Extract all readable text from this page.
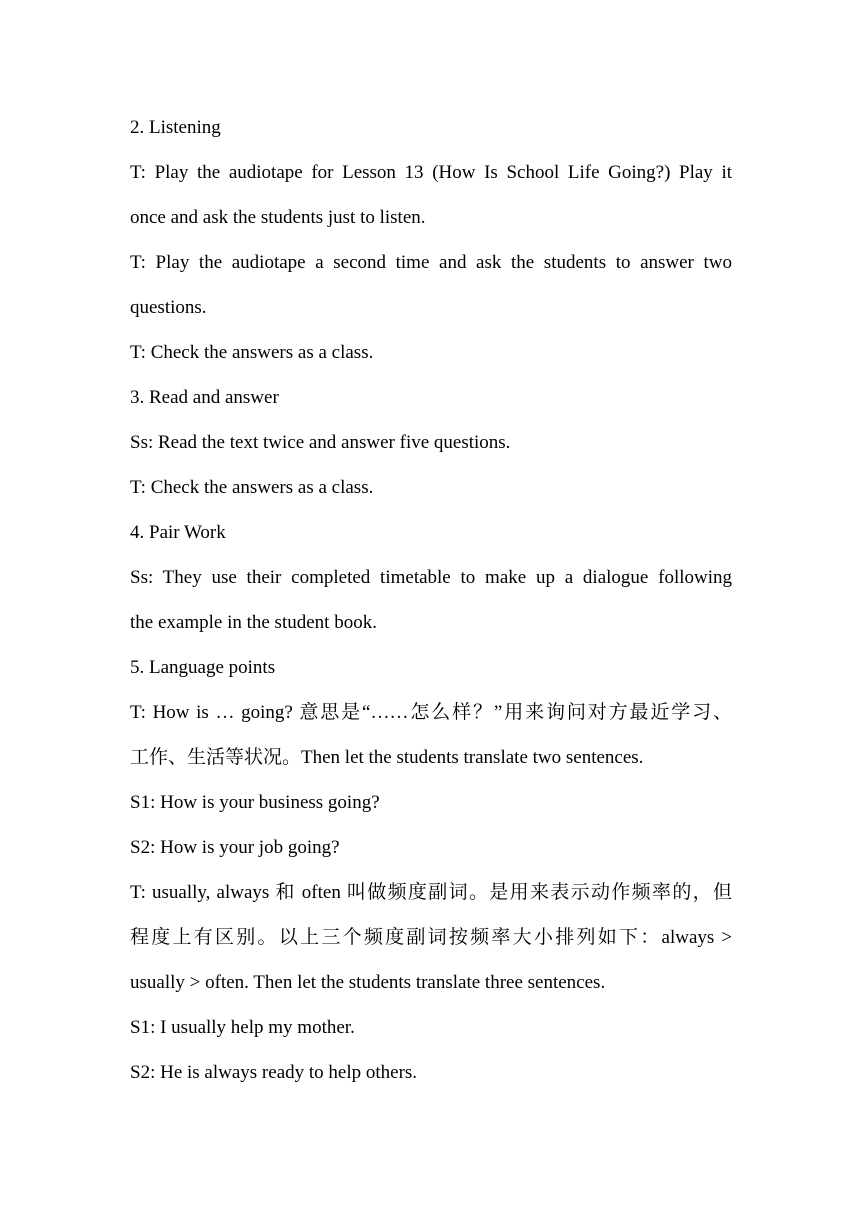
2. Listening
T: Play the audiotape for Lesson 13 (How Is School Life Going?) Play it
once and ask the students just to listen.
T: Play the audiotape a second time and ask the students to answer two
questions.
T: Check the answers as a class.
3. Read and answer
Ss: Read the text twice and answer five questions.
T: Check the answers as a class.
4. Pair Work
Ss: They use their completed timetable to make up a dialogue following
the example in the student book.
5. Language points
T: How is … going? 意思是“……怎么样？”用来询问对方最近学习、
工作、生活等状况。Then let the students translate two sentences.
S1: How is your business going?
S2: How is your job going?
T: usually, always 和 often 叫做频度副词。是用来表示动作频率的，但
程度上有区别。以上三个频度副词按频率大小排列如下：always >
usually > often. Then let the students translate three sentences.
S1: I usually help my mother.
S2: He is always ready to help others.
